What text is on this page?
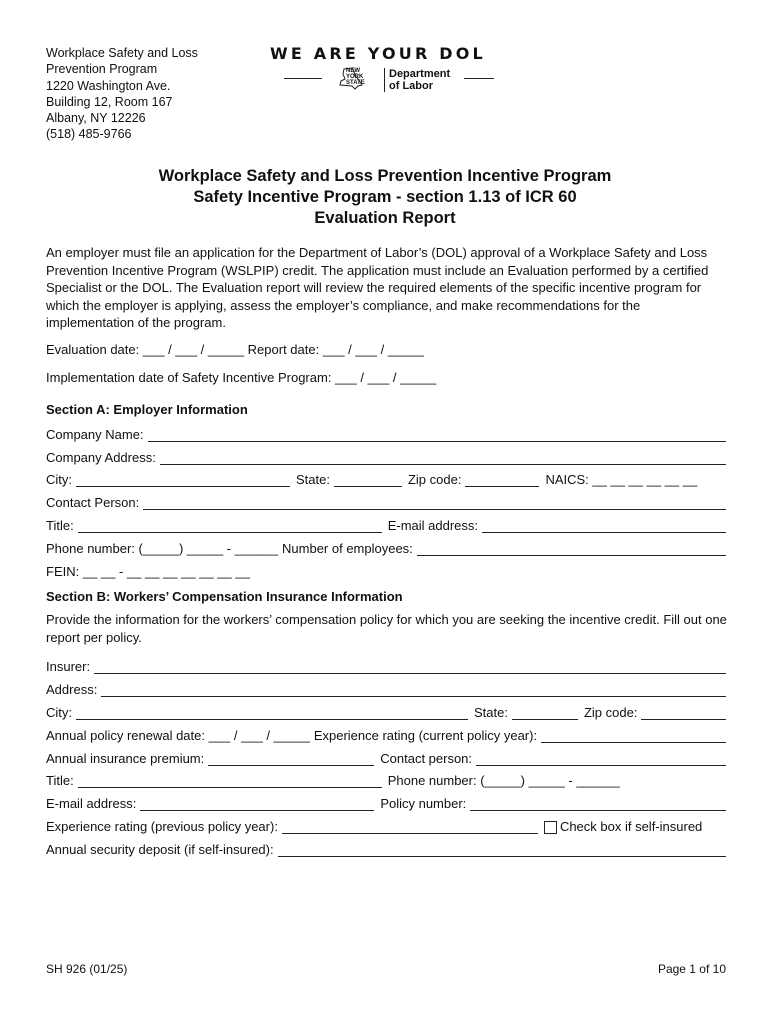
Workplace Safety and Loss
Prevention Program
1220 Washington Ave.
Building 12, Room 167
Albany, NY 12226
(518) 485-9766
WE ARE YOUR DOL
NEW
YORK
STATE
Department
of Labor
Workplace Safety and Loss Prevention Incentive Program
Safety Incentive Program - section 1.13 of ICR 60
Evaluation Report
An employer must file an application for the Department of Labor’s (DOL) approval of a Workplace Safety and Loss Prevention Incentive Program (WSLPIP) credit. The application must include an Evaluation performed by a certified Specialist or the DOL. The Evaluation report will review the required elements of the specific incentive program for which the employer is applying, assess the employer’s compliance, and make recommendations for the implementation of the program.
Evaluation date: ___ / ___ / _____ Report date: ___ / ___ / _____
Implementation date of Safety Incentive Program: ___ / ___ / _____
Section A: Employer Information
Company Name:
Company Address:
City:	State:	Zip code:	NAICS: __ __ __ __ __ __
Contact Person:
Title:	E-mail address:
Phone number: (_____) _____ - ______ Number of employees:
FEIN: __ __ - __ __ __ __ __ __ __
Section B: Workers’ Compensation Insurance Information
Provide the information for the workers’ compensation policy for which you are seeking the incentive credit. Fill out one report per policy.
Insurer:
Address:
City:	State:	Zip code:
Annual policy renewal date: ___ / ___ / _____ Experience rating (current policy year):
Annual insurance premium:	Contact person:
Title:	Phone number: (_____) _____ - ______
E-mail address:	Policy number:
Experience rating (previous policy year):	Check box if self-insured
Annual security deposit (if self-insured):
SH 926 (01/25)	Page 1 of 10
